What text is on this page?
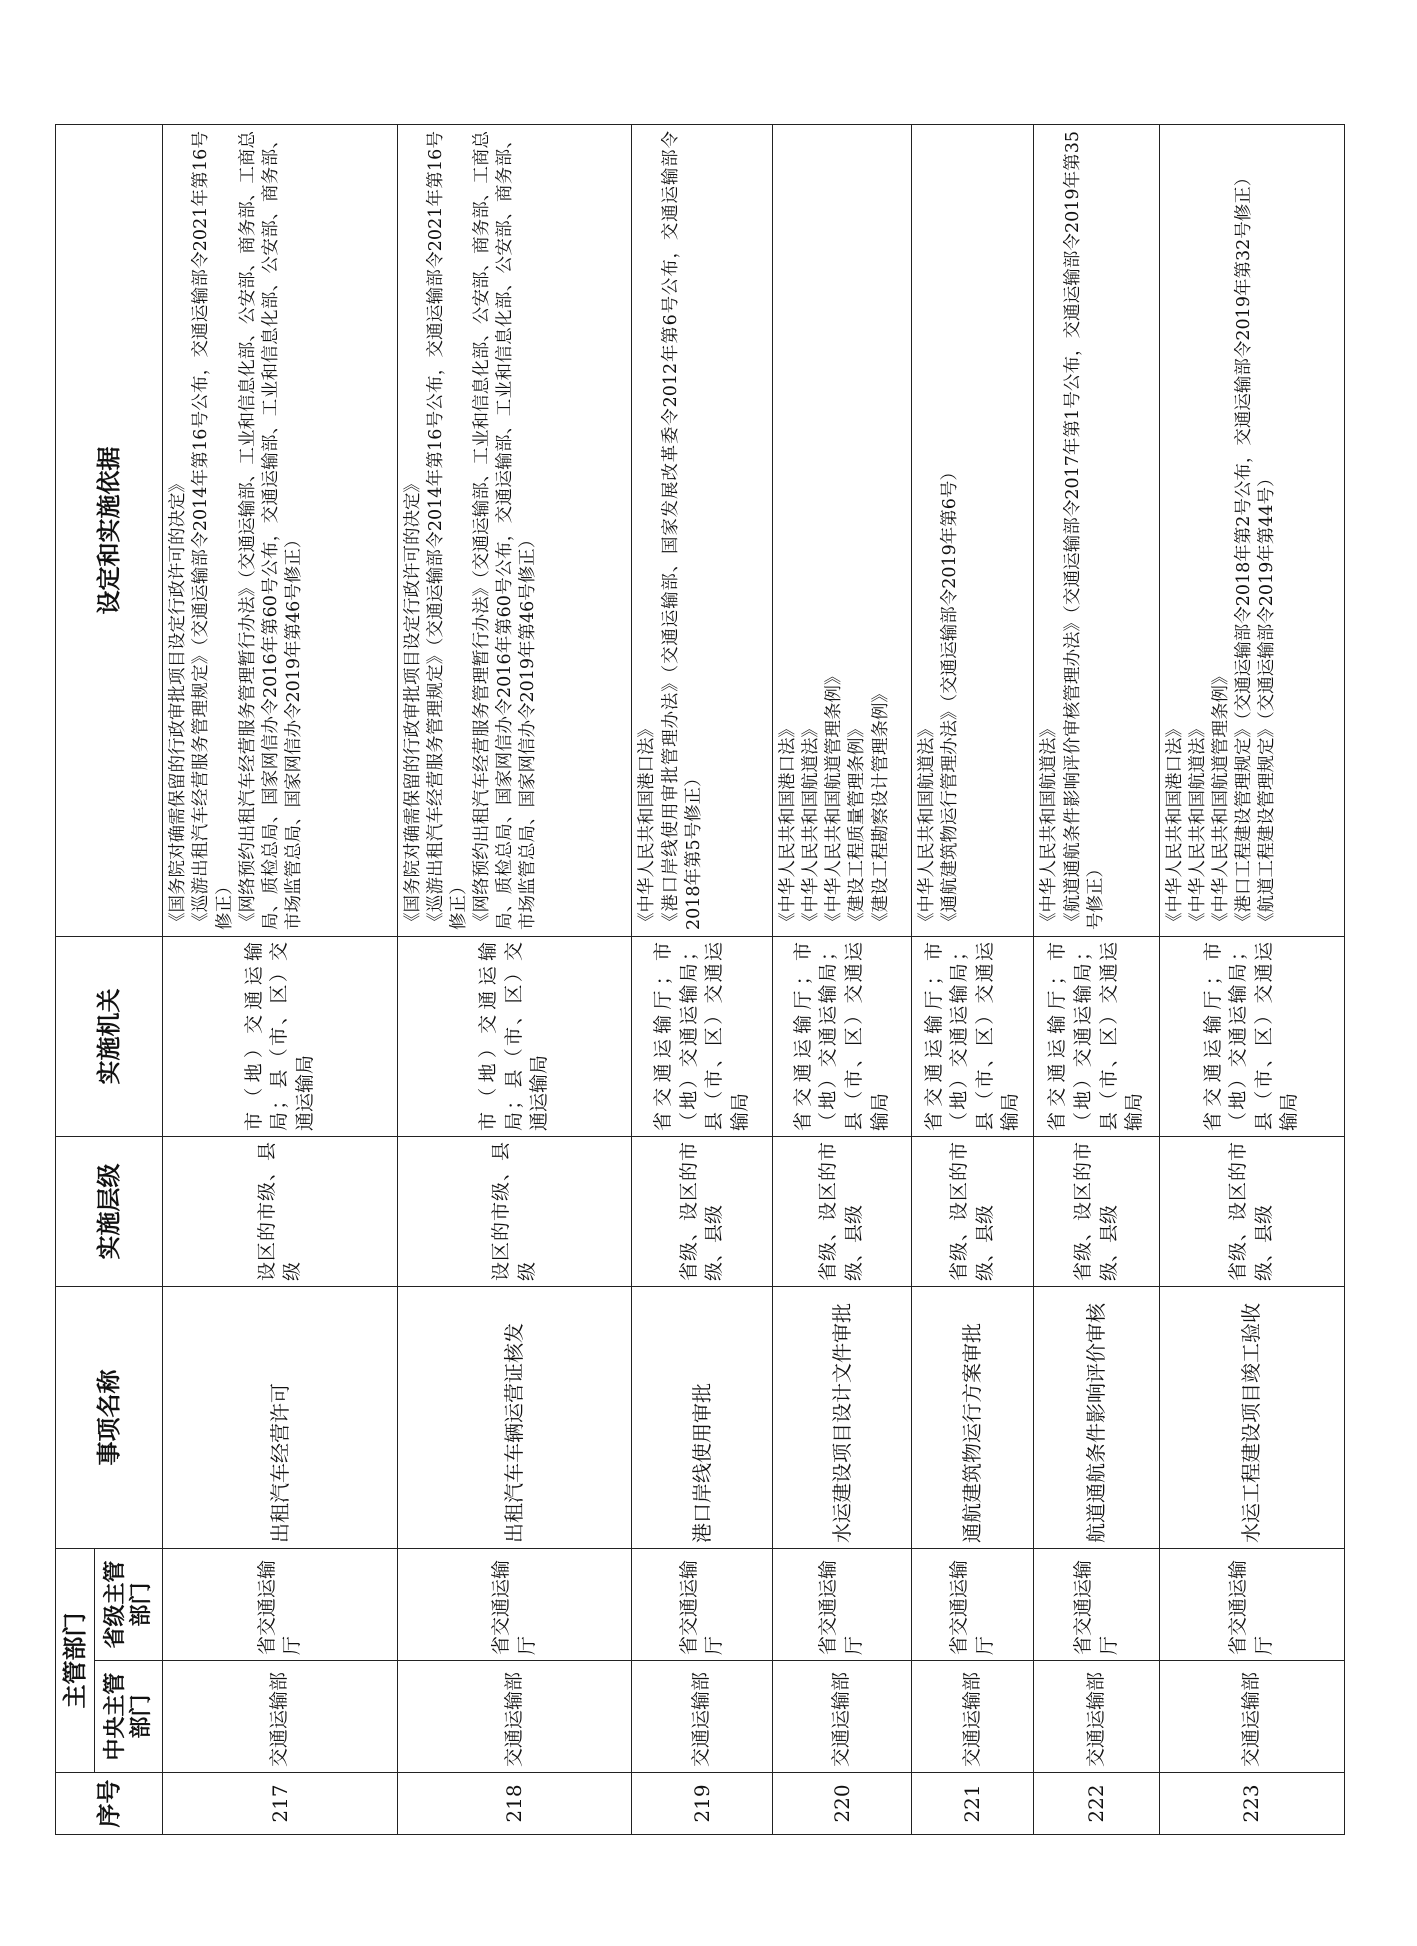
序号	主管部门		事项名称	实施层级	实施机关	设定和实施依据
	中央主管部门	省级主管部门				
217	交通运输部	省交通运输厅	出租汽车经营许可	设区的市级、县级	市（地）交通运输局；县（市、区）交通运输局	《国务院对确需保留的行政审批项目设定行政许可的决定》 《巡游出租汽车经营服务管理规定》（交通运输部令2014年第16号公布，交通运输部令2021年第16号修正） 《网络预约出租汽车经营服务管理暂行办法》（交通运输部、工业和信息化部、公安部、商务部、工商总局、质检总局、国家网信办令2016年第60号公布，交通运输部、工业和信息化部、公安部、商务部、市场监管总局、国家网信办令2019年第46号修正）

218	交通运输部	省交通运输厅	出租汽车车辆运营证核发	设区的市级、县级	市（地）交通运输局；县（市、区）交通运输局	《国务院对确需保留的行政审批项目设定行政许可的决定》 《巡游出租汽车经营服务管理规定》（交通运输部令2014年第16号公布，交通运输部令2021年第16号修正） 《网络预约出租汽车经营服务管理暂行办法》（交通运输部、工业和信息化部、公安部、商务部、工商总局、质检总局、国家网信办令2016年第60号公布，交通运输部、工业和信息化部、公安部、商务部、市场监管总局、国家网信办令2019年第46号修正）

219	交通运输部	省交通运输厅	港口岸线使用审批	省级、设区的市级、县级	省交通运输厅；市（地）交通运输局；县（市、区）交通运输局	《中华人民共和国港口法》 《港口岸线使用审批管理办法》（交通运输部、国家发展改革委令2012年第6号公布，交通运输部令2018年第5号修正）

220	交通运输部	省交通运输厅	水运建设项目设计文件审批	省级、设区的市级、县级	省交通运输厅；市（地）交通运输局；县（市、区）交通运输局	《中华人民共和国港口法》 《中华人民共和国航道法》 《中华人民共和国航道管理条例》 《建设工程质量管理条例》 《建设工程勘察设计管理条例》

221	交通运输部	省交通运输厅	通航建筑物运行方案审批	省级、设区的市级、县级	省交通运输厅；市（地）交通运输局；县（市、区）交通运输局	《中华人民共和国航道法》 《通航建筑物运行管理办法》（交通运输部令2019年第6号）

222	交通运输部	省交通运输厅	航道通航条件影响评价审核	省级、设区的市级、县级	省交通运输厅；市（地）交通运输局；县（市、区）交通运输局	《中华人民共和国航道法》 《航道通航条件影响评价审核管理办法》（交通运输部令2017年第1号公布，交通运输部令2019年第35号修正）

223	交通运输部	省交通运输厅	水运工程建设项目竣工验收	省级、设区的市级、县级	省交通运输厅；市（地）交通运输局；县（市、区）交通运输局	《中华人民共和国港口法》 《中华人民共和国航道法》 《中华人民共和国航道管理条例》 《港口工程建设管理规定》（交通运输部令2018年第2号公布，交通运输部令2019年第32号修正） 《航道工程建设管理规定》（交通运输部令2019年第44号）
